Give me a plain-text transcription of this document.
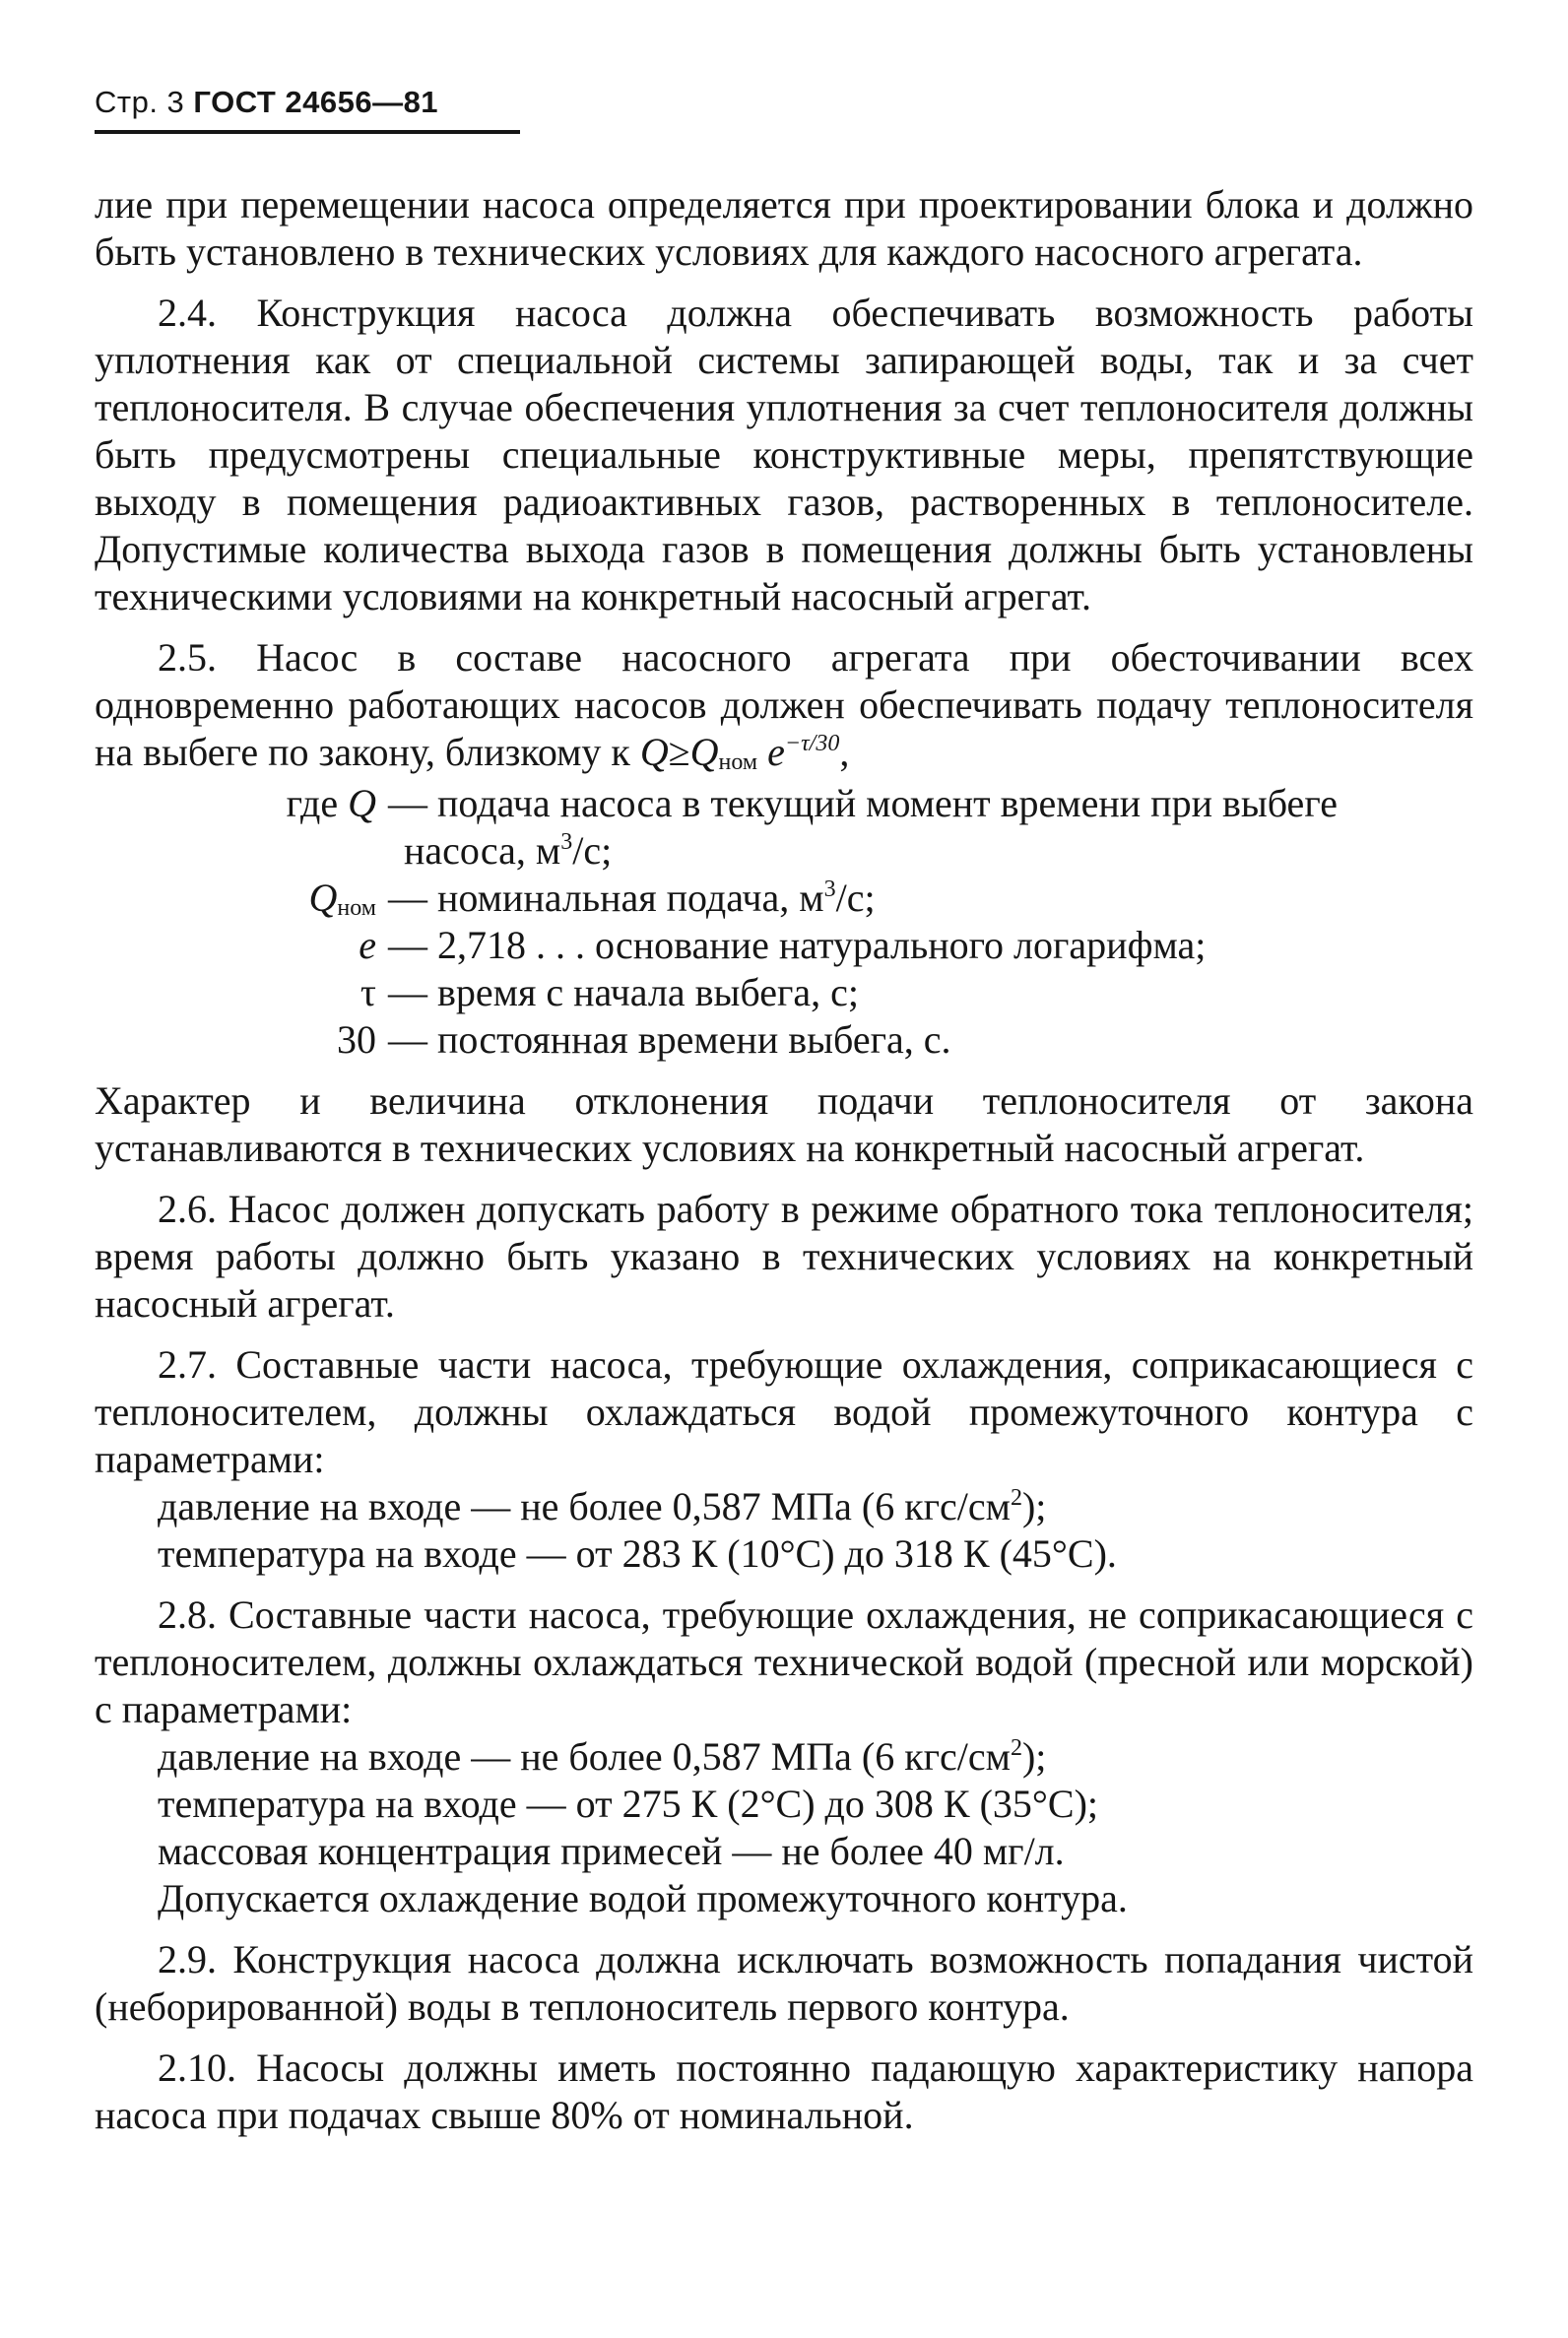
Стр. 3 ГОСТ 24656—81

лие при перемещении насоса определяется при проектировании блока и должно быть установлено в технических условиях для каждого насосного агрегата.

2.4. Конструкция насоса должна обеспечивать возможность работы уплотнения как от специальной системы запирающей воды, так и за счет теплоносителя. В случае обеспечения уплотнения за счет теплоносителя должны быть предусмотрены специальные конструктивные меры, препятствующие выходу в помещения радиоактивных газов, растворенных в теплоносителе. Допустимые количества выхода газов в помещения должны быть установлены техническими условиями на конкретный насосный агрегат.

2.5. Насос в составе насосного агрегата при обесточивании всех одновременно работающих насосов должен обеспечивать подачу теплоносителя на выбеге по закону, близкому к $Q\ge Q_{ном}$ $e^{-\tau/30}$,

где Q — подача насоса в текущий момент времени при выбеге
насоса, $м^3/с$;
$Q_{ном}$ — номинальная подача, $м^3/с$;
e — 2,718 . . . основание натурального логарифма;
τ — время с начала выбега, с;
30 — постоянная времени выбега, с.

Характер и величина отклонения подачи теплоносителя от закона устанавливаются в технических условиях на конкретный насосный агрегат.

2.6. Насос должен допускать работу в режиме обратного тока теплоносителя; время работы должно быть указано в технических условиях на конкретный насосный агрегат.

2.7. Составные части насоса, требующие охлаждения, соприкасающиеся с теплоносителем, должны охлаждаться водой промежуточного контура с параметрами:

давление на входе — не более 0,587 МПа (6 кгс/$см^2$);
температура на входе — от 283 К (10°С) до 318 К (45°С).

2.8. Составные части насоса, требующие охлаждения, не соприкасающиеся с теплоносителем, должны охлаждаться технической водой (пресной или морской) с параметрами:

давление на входе — не более 0,587 МПа (6 кгс/$см^2$);
температура на входе — от 275 К (2°С) до 308 К (35°С);
массовая концентрация примесей — не более 40 мг/л.
Допускается охлаждение водой промежуточного контура.

2.9. Конструкция насоса должна исключать возможность попадания чистой (неборированной) воды в теплоноситель первого контура.

2.10. Насосы должны иметь постоянно падающую характеристику напора насоса при подачах свыше 80% от номинальной.
